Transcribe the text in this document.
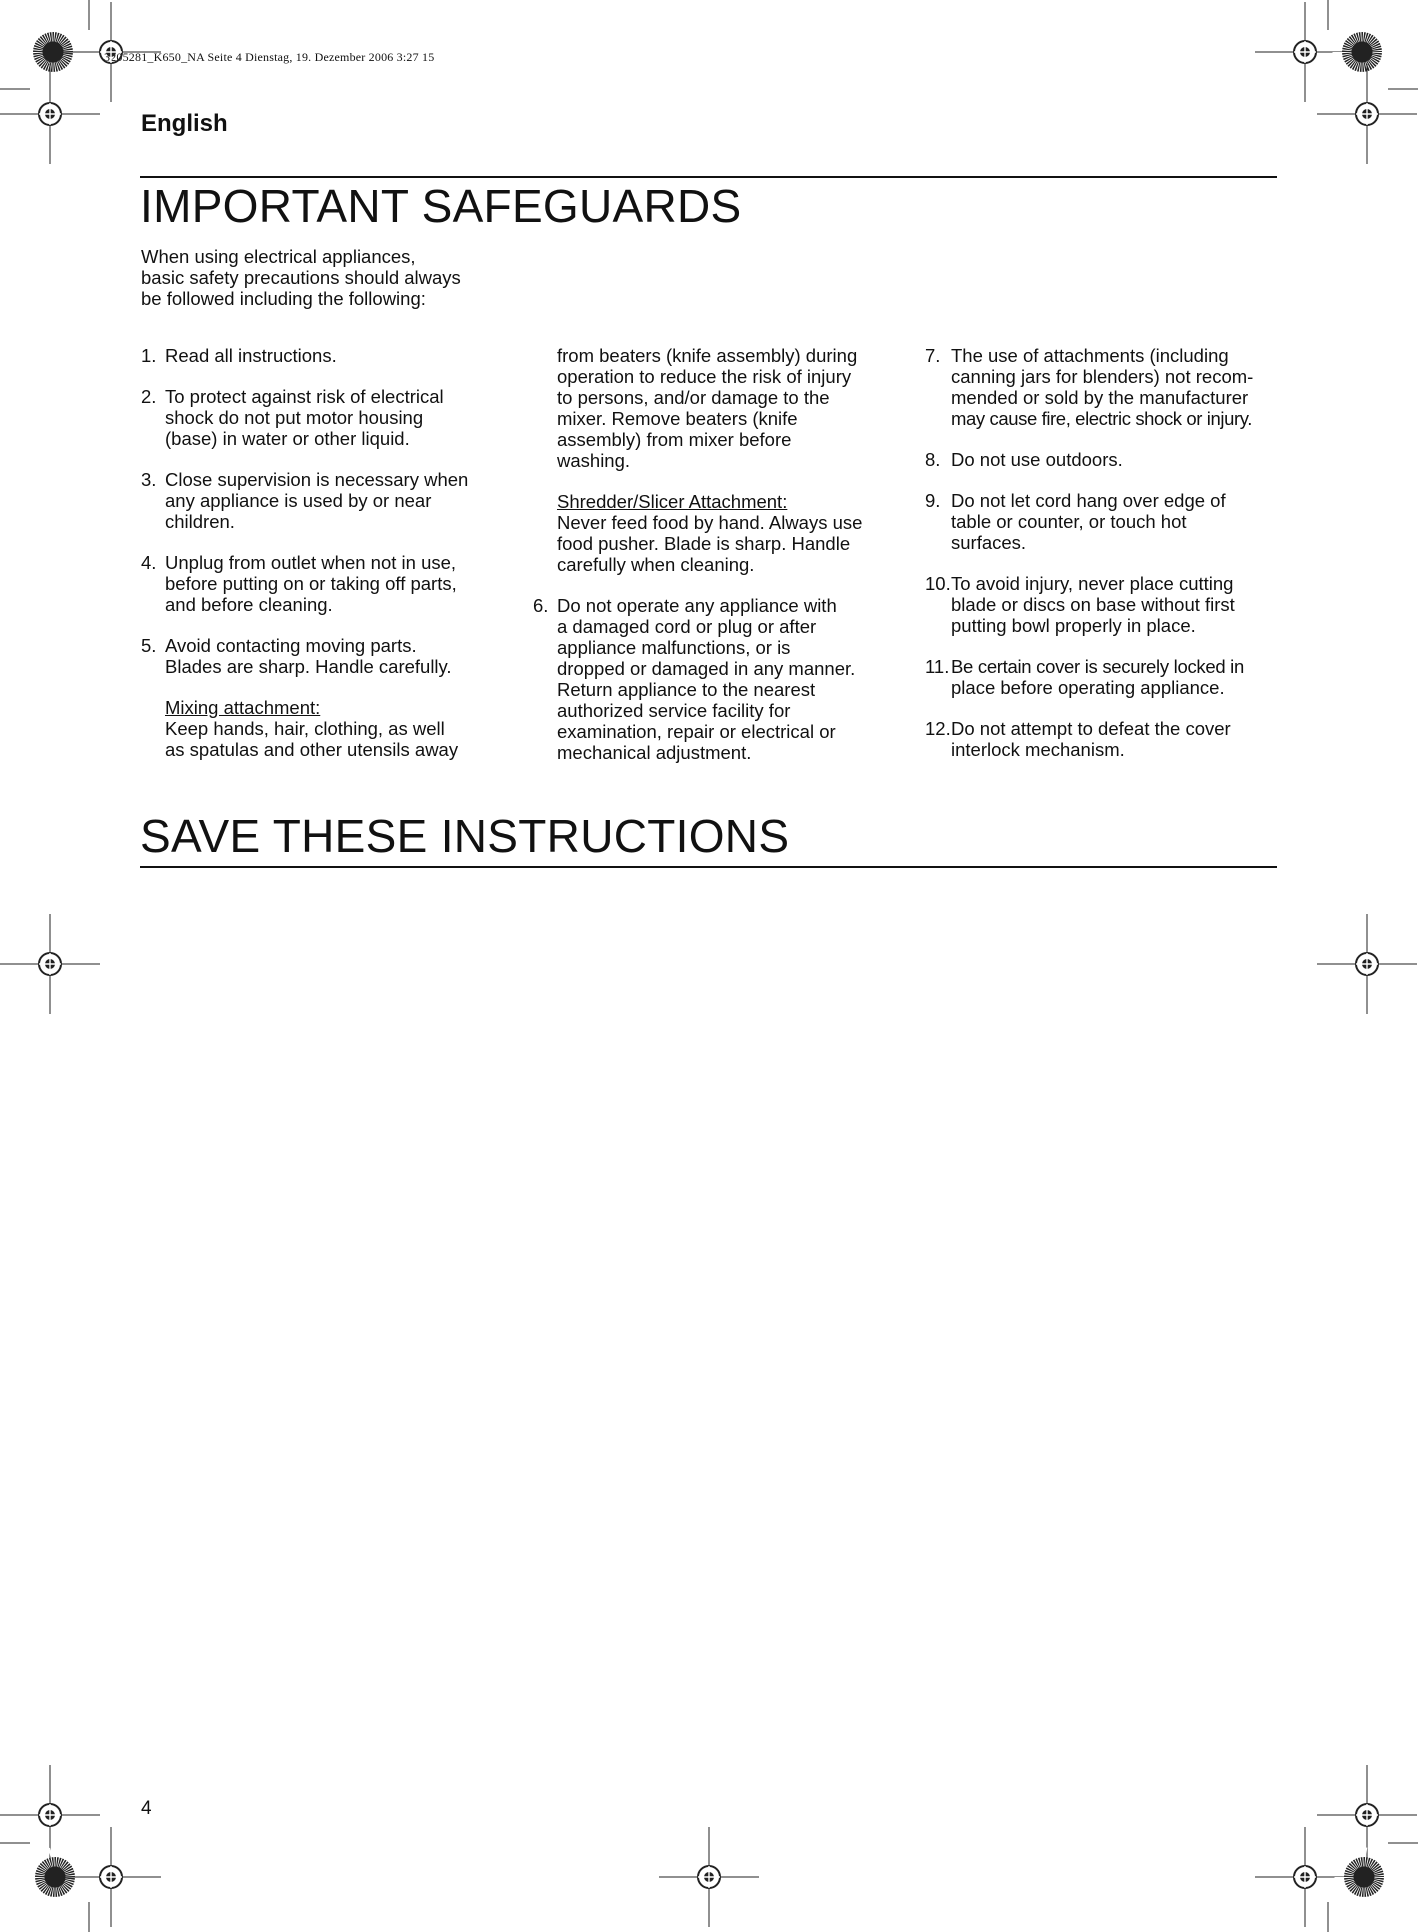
3205281_K650_NA Seite 4 Dienstag, 19. Dezember 2006 3:27 15
English
IMPORTANT SAFEGUARDS
When using electrical appliances,
basic safety precautions should always
be followed including the following:
1. Read all instructions.
2. To protect against risk of electrical
shock do not put motor housing
(base) in water or other liquid.
3. Close supervision is necessary when
any appliance is used by or near
children.
4. Unplug from outlet when not in use,
before putting on or taking off parts,
and before cleaning.
5. Avoid contacting moving parts.
Blades are sharp. Handle carefully.
Mixing attachment:
Keep hands, hair, clothing, as well
as spatulas and other utensils away
from beaters (knife assembly) during
operation to reduce the risk of injury
to persons, and/or damage to the
mixer. Remove beaters (knife
assembly) from mixer before
washing.
Shredder/Slicer Attachment:
Never feed food by hand. Always use
food pusher. Blade is sharp. Handle
carefully when cleaning.
6. Do not operate any appliance with
a damaged cord or plug or after
appliance malfunctions, or is
dropped or damaged in any manner.
Return appliance to the nearest
authorized service facility for
examination, repair or electrical or
mechanical adjustment.
7. The use of attachments (including
canning jars for blenders) not recom-
mended or sold by the manufacturer
may cause fire, electric shock or injury.
8. Do not use outdoors.
9. Do not let cord hang over edge of
table or counter, or touch hot
surfaces.
10. To avoid injury, never place cutting
blade or discs on base without first
putting bowl properly in place.
11. Be certain cover is securely locked in
place before operating appliance.
12. Do not attempt to defeat the cover
interlock mechanism.
SAVE THESE INSTRUCTIONS
4
